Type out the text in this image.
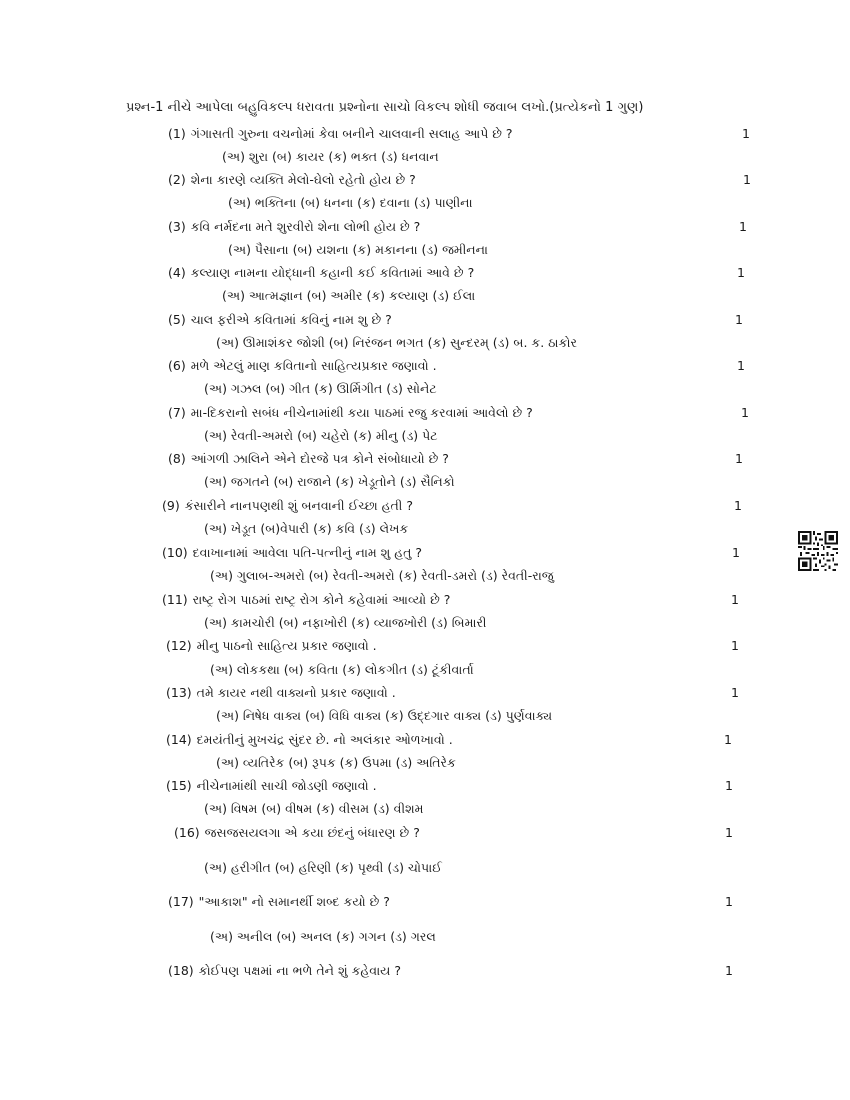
પ્રશ્ન-1 નીચે આપેલા બહુવિકલ્પ ધરાવતા પ્રશ્નોના સાચો વિકલ્પ શોધી જવાબ લખો.(પ્રત્યેકનો 1 ગુણ)
(1) ગંગાસતી ગુરુના વચનોમાં કેવા બનીને ચાલવાની સલાહ આપે છે ?	1
(અ) શુરા (બ) કાયર (ક) ભક્ત (ડ) ધનવાન
(2) શેના કારણે વ્યક્તિ મેલો-ઘેલો રહેતો હોય છે ?	1
(અ) ભક્તિના (બ) ધનના (ક) દવાના (ડ) પાણીના
(3) કવિ નર્મદના મતે શુરવીરો શેના લોભી હોય છે ?	1
(અ) પૈસાના (બ) યશના (ક) મકાનના (ડ) જમીનના
(4) કલ્યાણ નામના યોદ્ધાની કહાની કઈ કવિતામાં આવે છે ?	1
(અ) આત્મજ્ઞાન (બ) અમીર (ક) કલ્યાણ (ડ) ઈલા
(5) ચાલ ફરીએ કવિતામાં કવિનું નામ શુ છે ?	1
(અ) ઊમાશંકર જોશી (બ) નિરંજન ભગત (ક) સુન્દરમ્ (ડ) બ. ક. ઠાકોર
(6) મળે એટલું માણ કવિતાનો સાહિત્યપ્રકાર જણાવો .	1
(અ) ગઝલ (બ) ગીત (ક) ઊર્મિગીત (ડ) સોનેટ
(7) મા-દિકરાનો સબંધ નીચેનામાંથી કયા પાઠમાં રજુ કરવામાં આવેલો છે ?	1
(અ) રેવતી-અમરો (બ) ચહેરો (ક) મીનુ (ડ) પેટ
(8) આંગળી ઝાલિને એને દોરજે પત્ર કોને સંબોધાયો છે ?	1
(અ) જગતને (બ) રાજાને (ક) ખેડૂતોને (ડ) સૈનિકો
(9) કંસારીને નાનપણથી શું બનવાની ઈચ્છા હતી ?	1
(અ) ખેડૂત (બ)વેપારી (ક) કવિ (ડ) લેખક
(10) દવાખાનામાં આવેલા પતિ-પત્નીનું નામ શુ હતુ ?	1
(અ) ગુલાબ-અમરો (બ) રેવતી-અમરો (ક) રેવતી-ડમરો (ડ) રેવતી-રાજુ
(11) રાષ્ટ્ર રોગ પાઠમાં રાષ્ટ્ર રોગ કોને કહેવામાં આવ્યો છે ?	1
(અ) કામચોરી (બ) નફાખોરી (ક) વ્યાજખોરી (ડ) બિમારી
(12) મીનુ પાઠનો સાહિત્ય પ્રકાર જણાવો .	1
(અ) લોકકથા (બ) કવિતા (ક) લોકગીત (ડ) ટૂંકીવાર્તા
(13) તમે કાયર નથી વાક્યનો પ્રકાર જણાવો .	1
(અ) નિષેધ વાક્ય (બ) વિધિ વાક્ય (ક) ઉદ્દગાર વાક્ય (ડ) પુર્ણવાક્ય
(14) દમયંતીનું મુખચંદ્ર સુંદર છે. નો અલંકાર ઓળખાવો .	1
(અ) વ્યતિરેક (બ) રૂપક (ક) ઉપમા (ડ) અતિરેક
(15) નીચેનામાંથી સાચી જોડણી જણાવો .	1
(અ) વિષમ (બ) વીષમ (ક) વીસમ (ડ) વીશમ
(16) જસજસયલગા એ કયા છંદનું બંધારણ છે ?	1
(અ) હરીગીત (બ) હરિણી (ક) પૃથ્વી (ડ) ચોપાઈ
(17) "આકાશ" નો સમાનર્થી શબ્દ કયો છે ?	1
(અ) અનીલ (બ) અનલ (ક) ગગન (ડ) ગરલ
(18) કોઈપણ પક્ષમાં ના ભળે તેને શું કહેવાય ?	1
